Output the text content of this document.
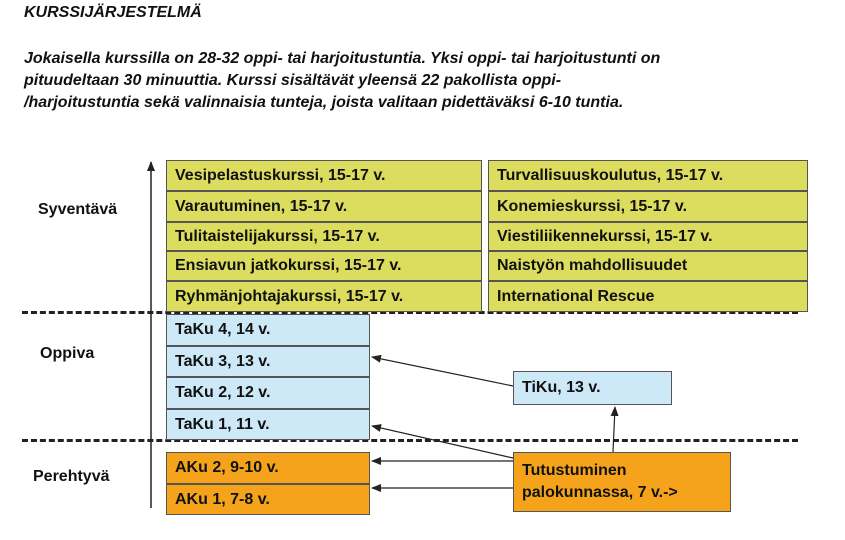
KURSSIJÄRJESTELMÄ
Jokaisella kurssilla on 28-32 oppi- tai harjoitustuntia. Yksi oppi- tai harjoitustunti on
pituudeltaan 30 minuuttia. Kurssi sisältävät yleensä 22 pakollista oppi-
/harjoitustuntia sekä valinnaisia tunteja, joista valitaan pidettäväksi 6-10 tuntia.
Syventävä
Oppiva
Perehtyvä
Vesipelastuskurssi, 15-17 v.
Varautuminen, 15-17 v.
Tulitaistelijakurssi, 15-17 v.
Ensiavun jatkokurssi, 15-17 v.
Ryhmänjohtajakurssi, 15-17 v.
Turvallisuuskoulutus, 15-17 v.
Konemieskurssi, 15-17 v.
Viestiliikennekurssi, 15-17 v.
Naistyön mahdollisuudet
International Rescue
TaKu 4, 14 v.
TaKu 3, 13 v.
TaKu 2, 12 v.
TaKu 1, 11 v.
TiKu, 13 v.
AKu 2, 9-10 v.
AKu 1, 7-8 v.
Tutustuminen
palokunnassa, 7 v.->
